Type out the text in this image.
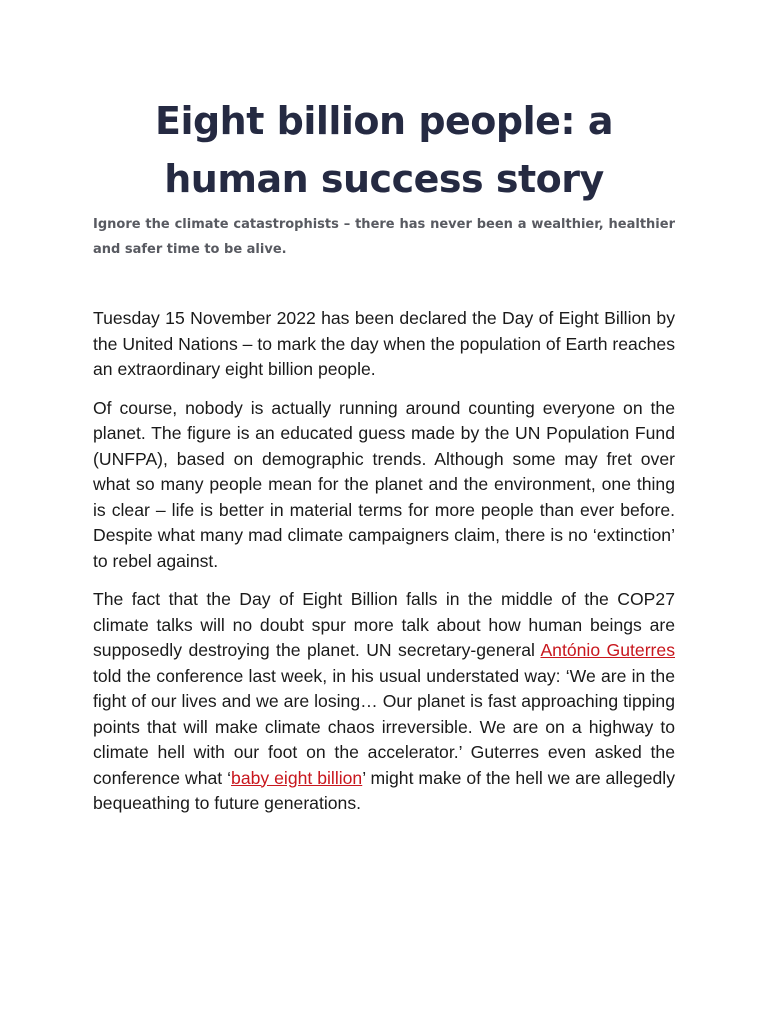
Eight billion people: a human success story

Ignore the climate catastrophists – there has never been a wealthier, healthier and safer time to be alive.

Tuesday 15 November 2022 has been declared the Day of Eight Billion by the United Nations – to mark the day when the population of Earth reaches an extraordinary eight billion people.

Of course, nobody is actually running around counting everyone on the planet. The figure is an educated guess made by the UN Population Fund (UNFPA), based on demographic trends. Although some may fret over what so many people mean for the planet and the environment, one thing is clear – life is better in material terms for more people than ever before. Despite what many mad climate campaigners claim, there is no ‘extinction’ to rebel against.

The fact that the Day of Eight Billion falls in the middle of the COP27 climate talks will no doubt spur more talk about how human beings are supposedly destroying the planet. UN secretary-general António Guterres told the conference last week, in his usual understated way: ‘We are in the fight of our lives and we are losing… Our planet is fast approaching tipping points that will make climate chaos irreversible. We are on a highway to climate hell with our foot on the accelerator.’ Guterres even asked the conference what ‘baby eight billion’ might make of the hell we are allegedly bequeathing to future generations.
